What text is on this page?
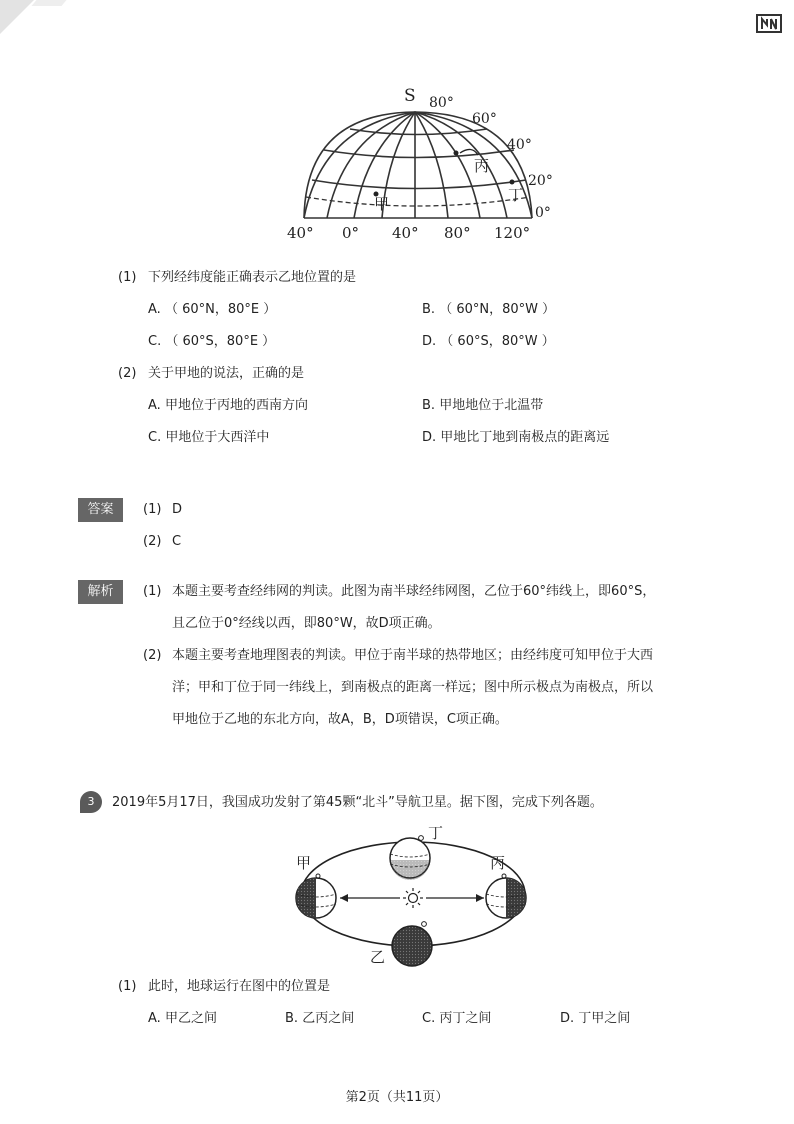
S 80°
60°
40°
20°
0°
40° 0° 40° 80° 120°
甲
丙
丁
(1) 下列经纬度能正确表示乙地位置的是
A. （ 60°N，80°E ）	B. （ 60°N，80°W ）
C. （ 60°S，80°E ）	D. （ 60°S，80°W ）
(2) 关于甲地的说法，正确的是
A. 甲地位于丙地的西南方向	B. 甲地地位于北温带
C. 甲地位于大西洋中	D. 甲地比丁地到南极点的距离远
答案	(1) D
(2) C
解析	(1) 本题主要考查经纬网的判读。此图为南半球经纬网图，乙位于60°纬线上，即60°S，
且乙位于0°经线以西，即80°W，故D项正确。
(2) 本题主要考查地理图表的判读。甲位于南半球的热带地区；由经纬度可知甲位于大西
洋；甲和丁位于同一纬线上，到南极点的距离一样远；图中所示极点为南极点，所以
甲地位于乙地的东北方向，故A，B，D项错误，C项正确。
3	2019年5月17日，我国成功发射了第45颗“北斗”导航卫星。据下图，完成下列各题。
甲
乙
丙
丁
(1) 此时，地球运行在图中的位置是
A. 甲乙之间	B. 乙丙之间	C. 丙丁之间	D. 丁甲之间
第2页（共11页）
